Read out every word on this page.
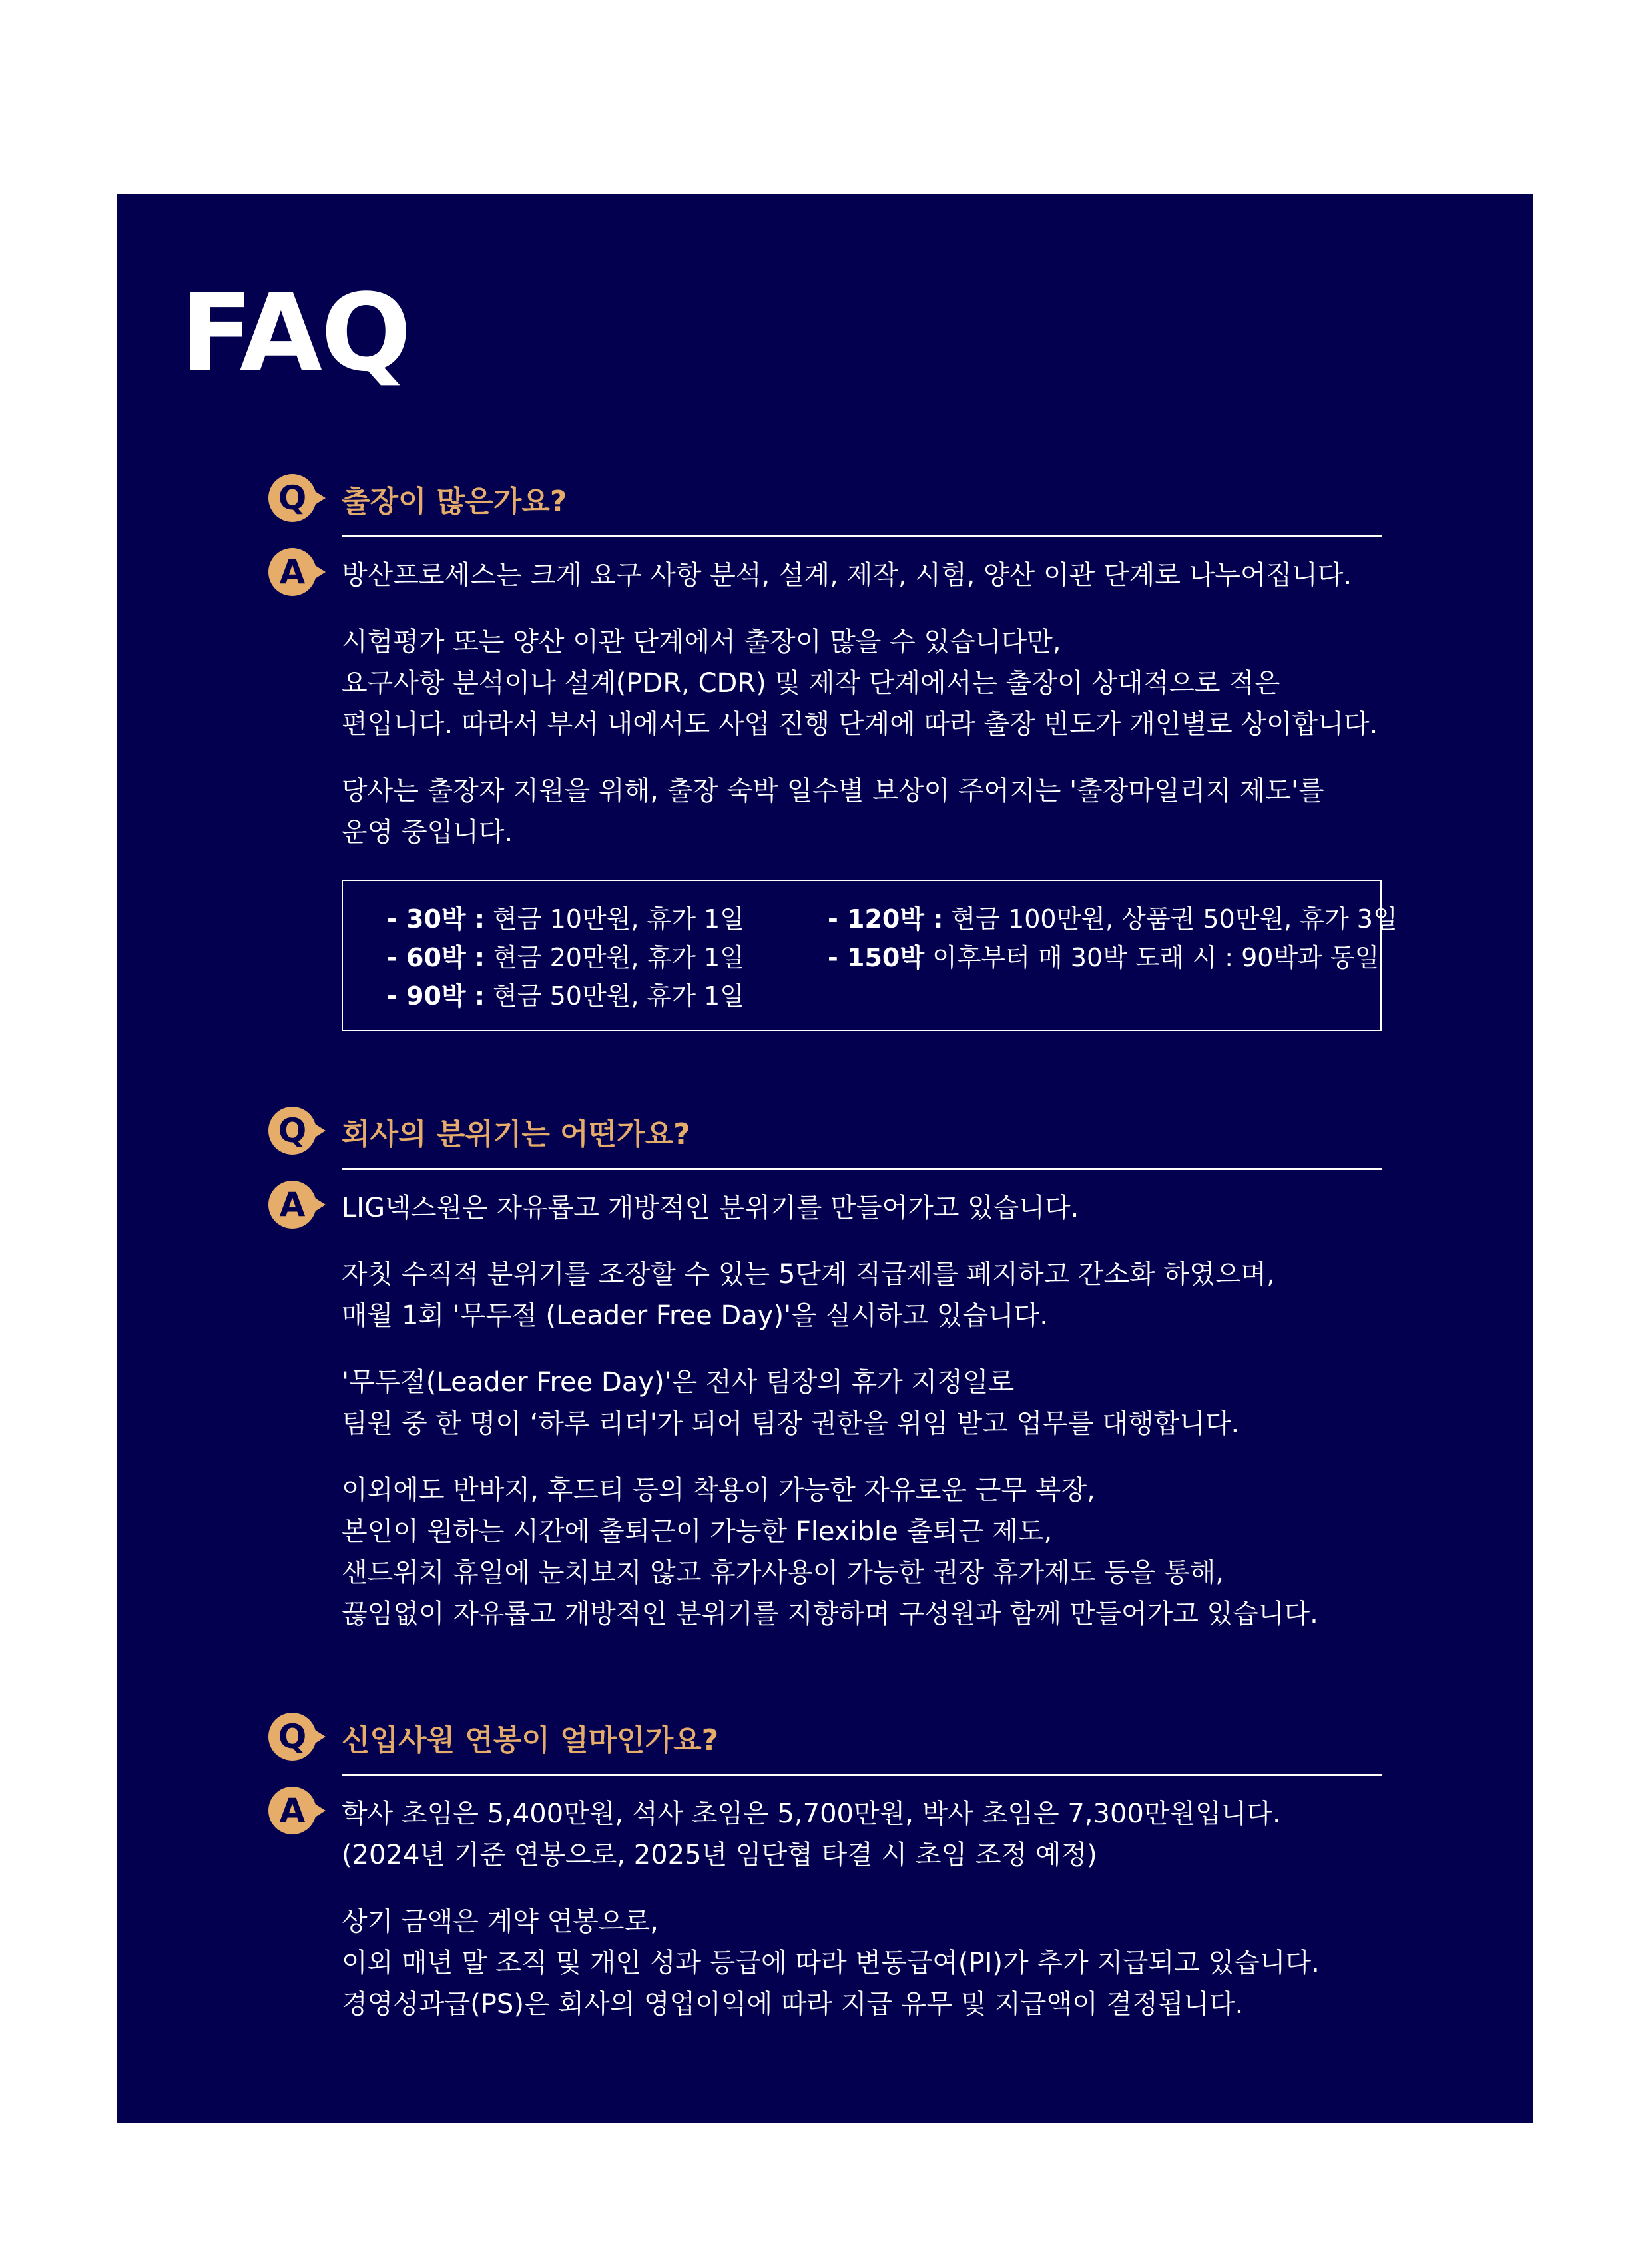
FAQ
Q	출장이 많은가요?

A	방산프로세스는 크게 요구 사항 분석, 설계, 제작, 시험, 양산 이관 단계로 나누어집니다.

시험평가 또는 양산 이관 단계에서 출장이 많을 수 있습니다만,
요구사항 분석이나 설계(PDR, CDR) 및 제작 단계에서는 출장이 상대적으로 적은
편입니다. 따라서 부서 내에서도 사업 진행 단계에 따라 출장 빈도가 개인별로 상이합니다.

당사는 출장자 지원을 위해, 출장 숙박 일수별 보상이 주어지는 '출장마일리지 제도'를
운영 중입니다.

- 30박 : 현금 10만원, 휴가 1일
- 60박 : 현금 20만원, 휴가 1일
- 90박 : 현금 50만원, 휴가 1일
- 120박 : 현금 100만원, 상품권 50만원, 휴가 3일
- 150박 이후부터 매 30박 도래 시 : 90박과 동일
Q	회사의 분위기는 어떤가요?

A	LIG넥스원은 자유롭고 개방적인 분위기를 만들어가고 있습니다.

자칫 수직적 분위기를 조장할 수 있는 5단계 직급제를 폐지하고 간소화 하였으며,
매월 1회 '무두절 (Leader Free Day)'을 실시하고 있습니다.

'무두절(Leader Free Day)'은 전사 팀장의 휴가 지정일로
팀원 중 한 명이 ‘하루 리더'가 되어 팀장 권한을 위임 받고 업무를 대행합니다.

이외에도 반바지, 후드티 등의 착용이 가능한 자유로운 근무 복장,
본인이 원하는 시간에 출퇴근이 가능한 Flexible 출퇴근 제도,
샌드위치 휴일에 눈치보지 않고 휴가사용이 가능한 권장 휴가제도 등을 통해,
끊임없이 자유롭고 개방적인 분위기를 지향하며 구성원과 함께 만들어가고 있습니다.

Q	신입사원 연봉이 얼마인가요?

A	학사 초임은 5,400만원, 석사 초임은 5,700만원, 박사 초임은 7,300만원입니다.
(2024년 기준 연봉으로, 2025년 임단협 타결 시 초임 조정 예정)

상기 금액은 계약 연봉으로,
이외 매년 말 조직 및 개인 성과 등급에 따라 변동급여(PI)가 추가 지급되고 있습니다.
경영성과급(PS)은 회사의 영업이익에 따라 지급 유무 및 지급액이 결정됩니다.
